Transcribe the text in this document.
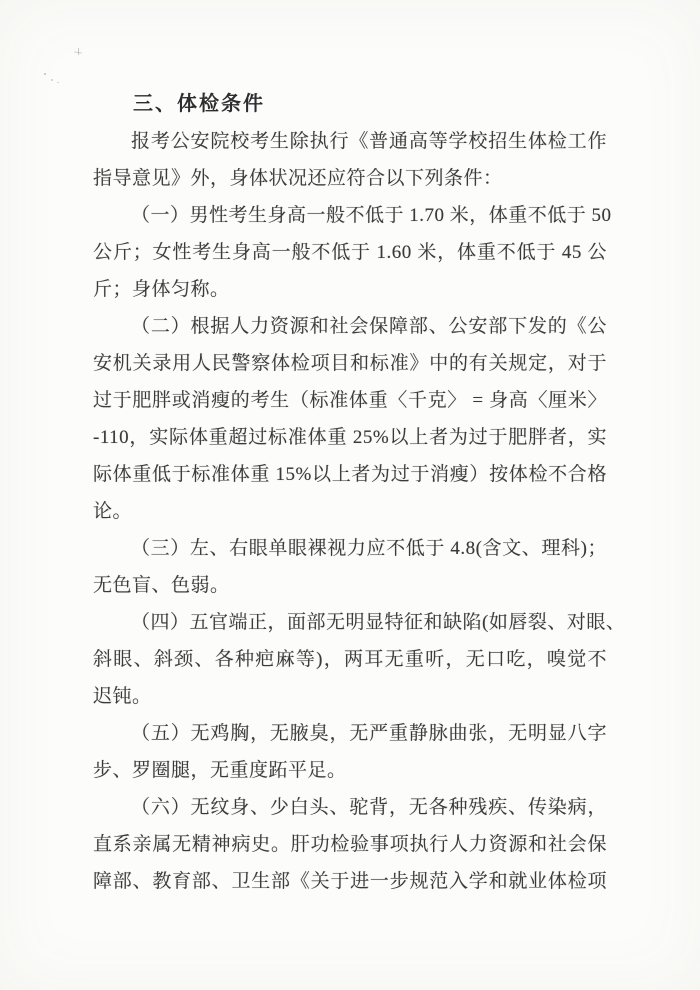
三、体检条件

报考公安院校考生除执行《普通高等学校招生体检工作
指导意见》外，身体状况还应符合以下列条件：

（一）男性考生身高一般不低于 1.70 米，体重不低于 50
公斤；女性考生身高一般不低于 1.60 米，体重不低于 45 公
斤；身体匀称。

（二）根据人力资源和社会保障部、公安部下发的《公
安机关录用人民警察体检项目和标准》中的有关规定，对于
过于肥胖或消瘦的考生（标准体重〈千克〉 = 身高〈厘米〉
-110，实际体重超过标准体重 25%以上者为过于肥胖者，实
际体重低于标准体重 15%以上者为过于消瘦）按体检不合格
论。

（三）左、右眼单眼裸视力应不低于 4.8(含文、理科)；
无色盲、色弱。

（四）五官端正，面部无明显特征和缺陷(如唇裂、对眼、
斜眼、斜颈、各种疤麻等)，两耳无重听，无口吃，嗅觉不
迟钝。

（五）无鸡胸，无腋臭，无严重静脉曲张，无明显八字
步、罗圈腿，无重度跖平足。

（六）无纹身、少白头、驼背，无各种残疾、传染病，
直系亲属无精神病史。肝功检验事项执行人力资源和社会保
障部、教育部、卫生部《关于进一步规范入学和就业体检项
